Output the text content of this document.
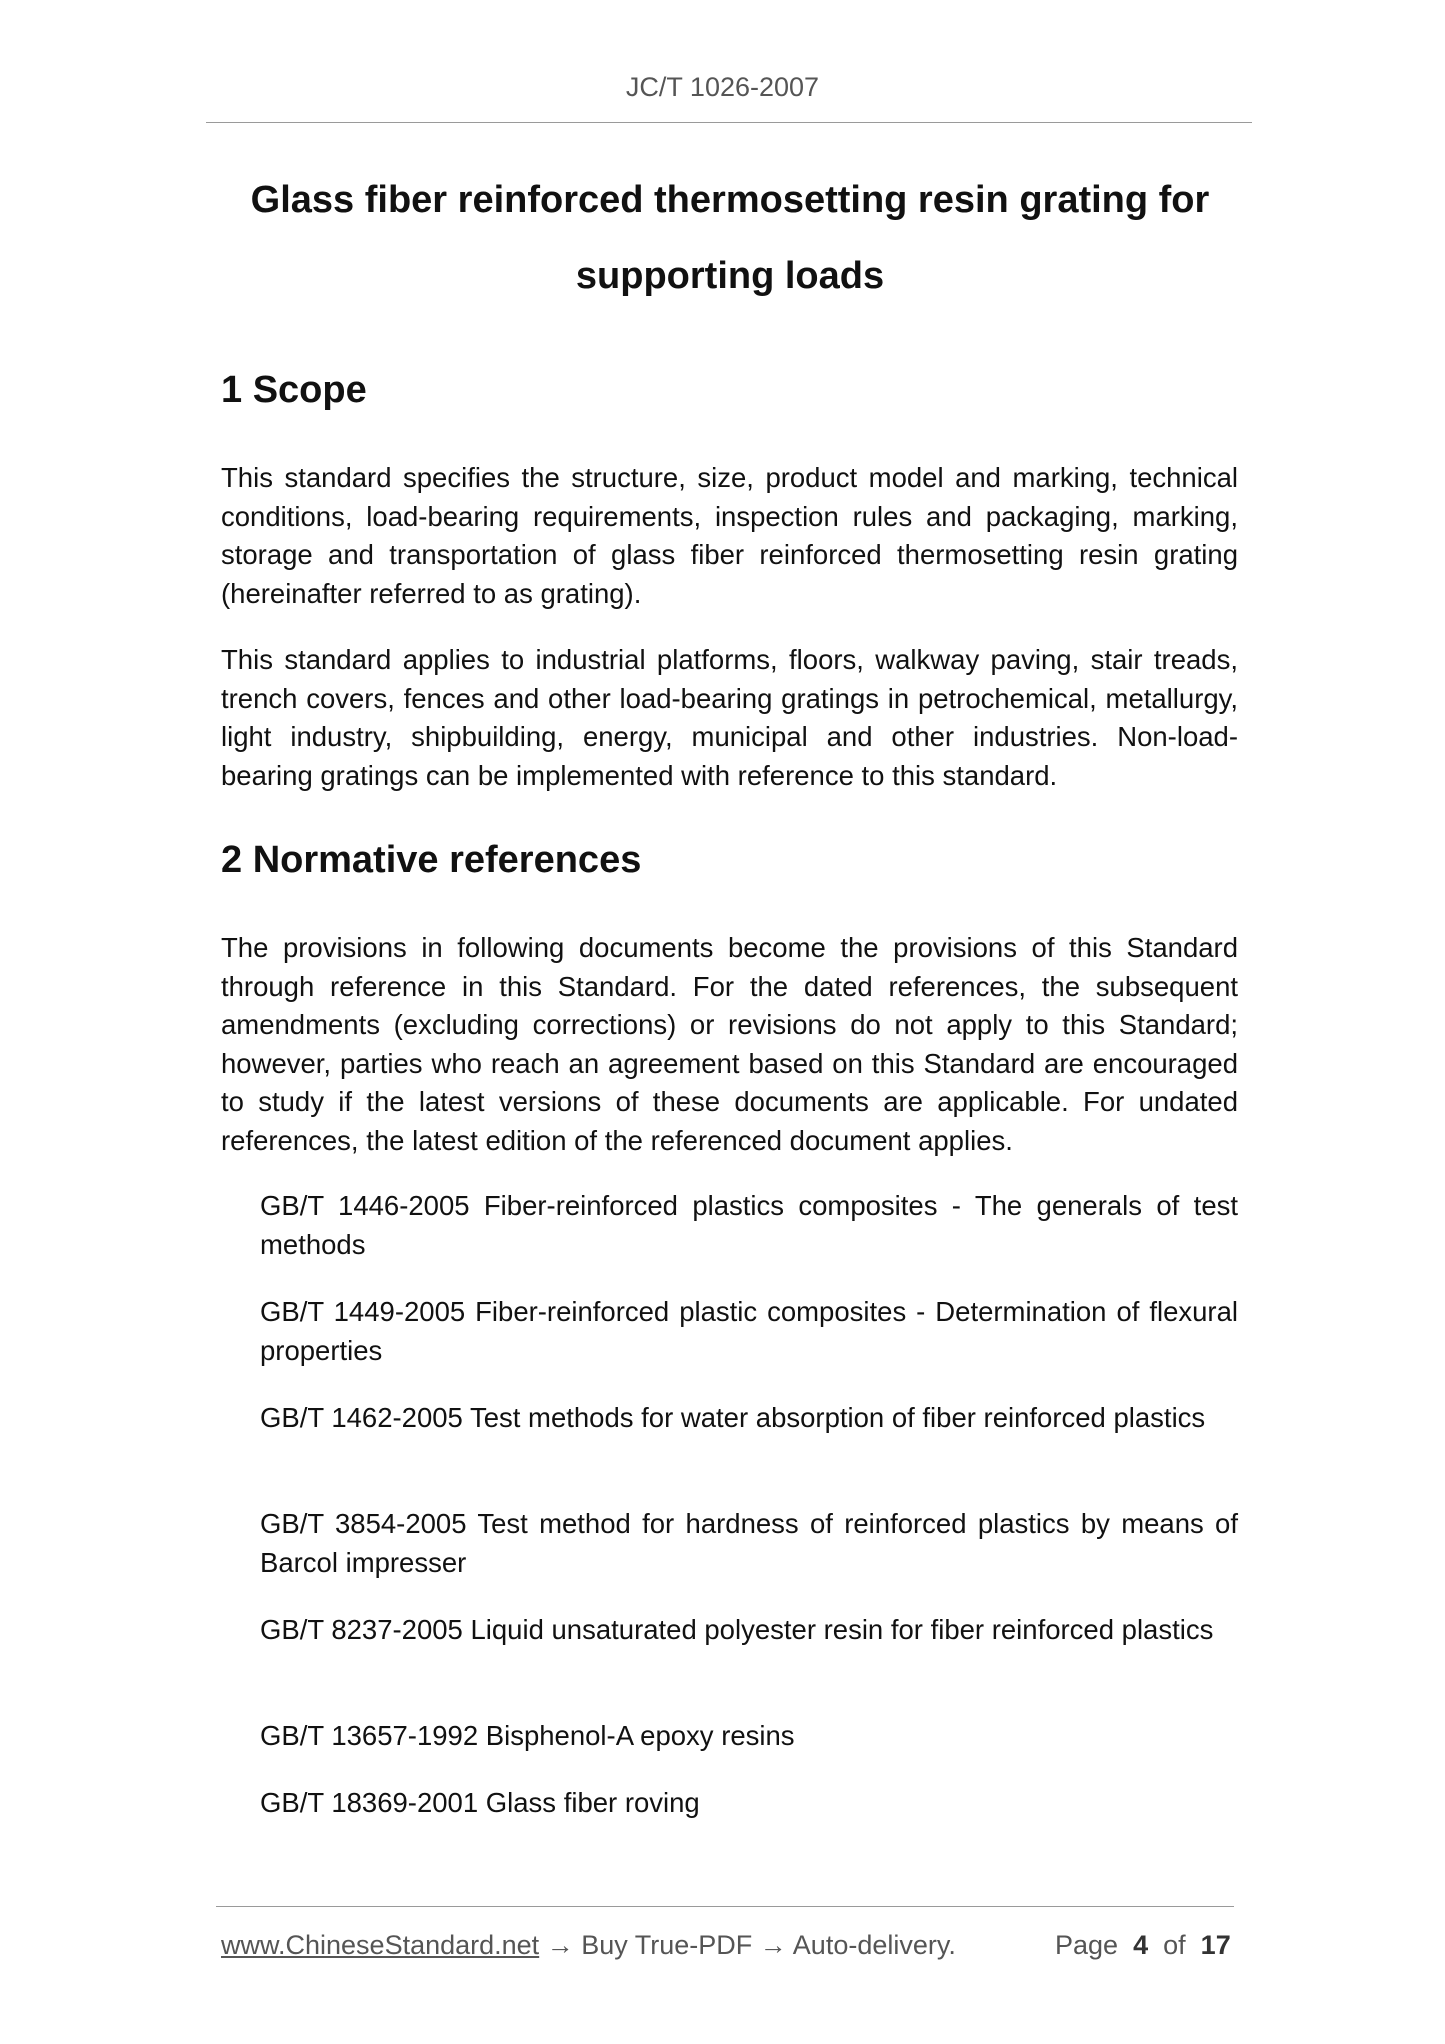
JC/T 1026-2007
Glass fiber reinforced thermosetting resin grating for supporting loads
1 Scope
This standard specifies the structure, size, product model and marking, technical conditions, load-bearing requirements, inspection rules and packaging, marking, storage and transportation of glass fiber reinforced thermosetting resin grating (hereinafter referred to as grating).
This standard applies to industrial platforms, floors, walkway paving, stair treads, trench covers, fences and other load-bearing gratings in petrochemical, metallurgy, light industry, shipbuilding, energy, municipal and other industries. Non-load-bearing gratings can be implemented with reference to this standard.
2 Normative references
The provisions in following documents become the provisions of this Standard through reference in this Standard. For the dated references, the subsequent amendments (excluding corrections) or revisions do not apply to this Standard; however, parties who reach an agreement based on this Standard are encouraged to study if the latest versions of these documents are applicable. For undated references, the latest edition of the referenced document applies.
GB/T 1446-2005 Fiber-reinforced plastics composites - The generals of test methods
GB/T 1449-2005 Fiber-reinforced plastic composites - Determination of flexural properties
GB/T 1462-2005 Test methods for water absorption of fiber reinforced plastics
GB/T 3854-2005 Test method for hardness of reinforced plastics by means of Barcol impresser
GB/T 8237-2005 Liquid unsaturated polyester resin for fiber reinforced plastics
GB/T 13657-1992 Bisphenol-A epoxy resins
GB/T 18369-2001 Glass fiber roving
www.ChineseStandard.net → Buy True-PDF → Auto-delivery.	Page 4 of 17
